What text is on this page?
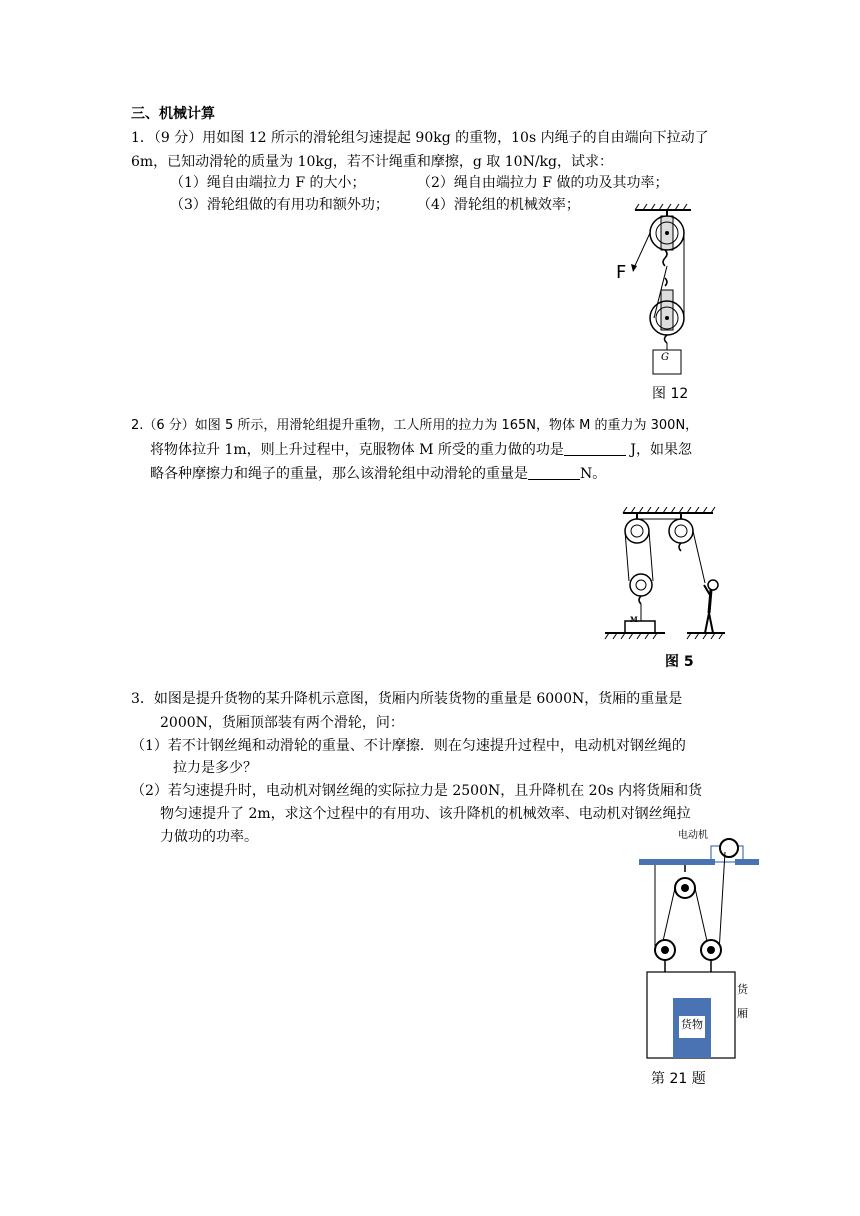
三、机械计算
1．（9 分）用如图 12 所示的滑轮组匀速提起 90kg 的重物，10s 内绳子的自由端向下拉动了
6m，已知动滑轮的质量为 10kg，若不计绳重和摩擦，g 取 10N/kg，试求：
（1）绳自由端拉力 F 的大小；	（2）绳自由端拉力 F 做的功及其功率；
（3）滑轮组做的有用功和额外功； （4）滑轮组的机械效率；
F
G
图 12
2.（6 分）如图 5 所示，用滑轮组提升重物，工人所用的拉力为 165N，物体 M 的重力为 300N，
将物体拉升 1m，则上升过程中，克服物体 M 所受的重力做的功是	J，如果忽
略各种摩擦力和绳子的重量，那么该滑轮组中动滑轮的重量是	N。
M
图 5
3．如图是提升货物的某升降机示意图，货厢内所装货物的重量是 6000N，货厢的重量是
2000N，货厢顶部装有两个滑轮，问：
（1）若不计钢丝绳和动滑轮的重量、不计摩擦．则在匀速提升过程中，电动机对钢丝绳的
拉力是多少？
（2）若匀速提升时，电动机对钢丝绳的实际拉力是 2500N，且升降机在 20s 内将货厢和货
物匀速提升了 2m，求这个过程中的有用功、该升降机的机械效率、电动机对钢丝绳拉
力做功的功率。	电动机
货物
货
厢
第 21 题
